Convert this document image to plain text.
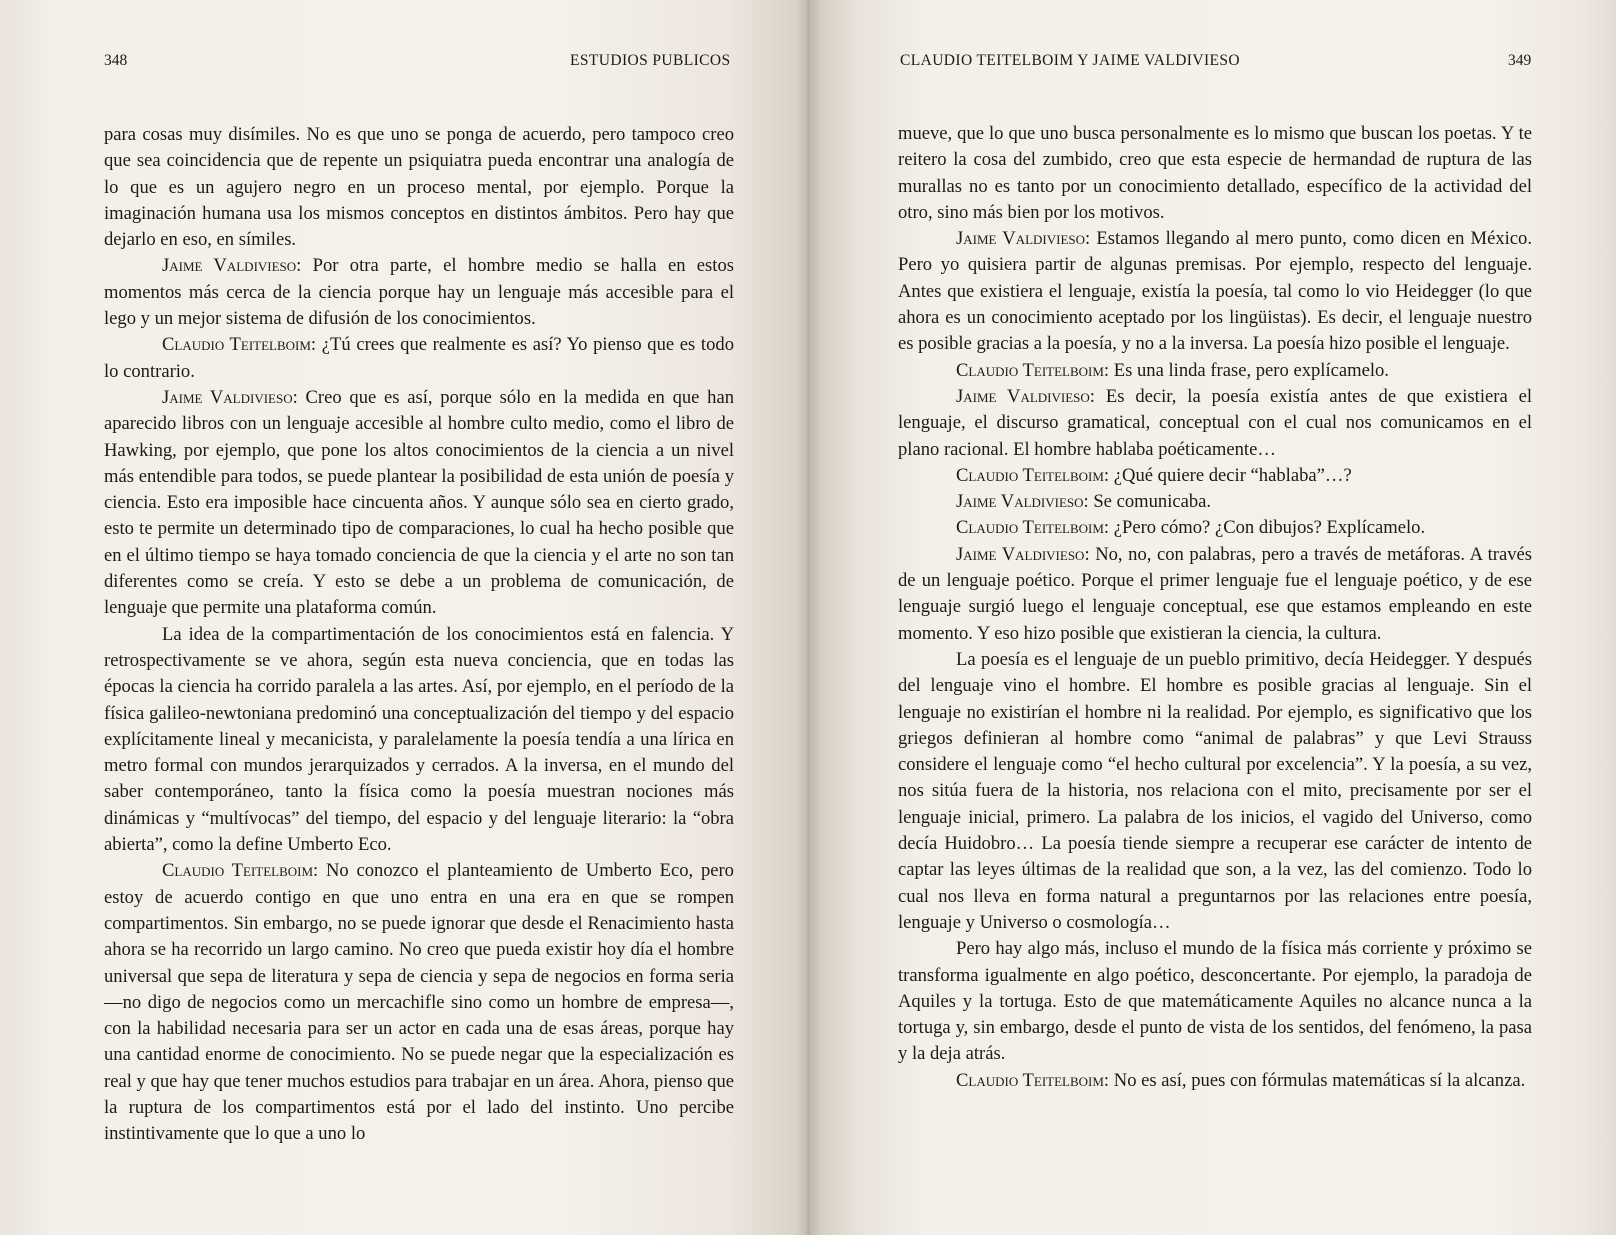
348	ESTUDIOS PUBLICOS

para cosas muy disímiles. No es que uno se ponga de acuerdo, pero tampoco creo que sea coincidencia que de repente un psiquiatra pueda encontrar una analogía de lo que es un agujero negro en un proceso mental, por ejemplo. Porque la imaginación humana usa los mismos conceptos en distintos ámbitos. Pero hay que dejarlo en eso, en símiles.

Jaime Valdivieso: Por otra parte, el hombre medio se halla en estos momentos más cerca de la ciencia porque hay un lenguaje más accesible para el lego y un mejor sistema de difusión de los conocimientos.

Claudio Teitelboim: ¿Tú crees que realmente es así? Yo pienso que es todo lo contrario.

Jaime Valdivieso: Creo que es así, porque sólo en la medida en que han aparecido libros con un lenguaje accesible al hombre culto medio, como el libro de Hawking, por ejemplo, que pone los altos conocimientos de la ciencia a un nivel más entendible para todos, se puede plantear la posibilidad de esta unión de poesía y ciencia. Esto era imposible hace cincuenta años. Y aunque sólo sea en cierto grado, esto te permite un determinado tipo de comparaciones, lo cual ha hecho posible que en el último tiempo se haya tomado conciencia de que la ciencia y el arte no son tan diferentes como se creía. Y esto se debe a un problema de comunicación, de lenguaje que permite una plataforma común.

La idea de la compartimentación de los conocimientos está en falencia. Y retrospectivamente se ve ahora, según esta nueva conciencia, que en todas las épocas la ciencia ha corrido paralela a las artes. Así, por ejemplo, en el período de la física galileo-newtoniana predominó una conceptualización del tiempo y del espacio explícitamente lineal y mecanicista, y paralelamente la poesía tendía a una lírica en metro formal con mundos jerarquizados y cerrados. A la inversa, en el mundo del saber contemporáneo, tanto la física como la poesía muestran nociones más dinámicas y “multívocas” del tiempo, del espacio y del lenguaje literario: la “obra abierta”, como la define Umberto Eco.

Claudio Teitelboim: No conozco el planteamiento de Umberto Eco, pero estoy de acuerdo contigo en que uno entra en una era en que se rompen compartimentos. Sin embargo, no se puede ignorar que desde el Renacimiento hasta ahora se ha recorrido un largo camino. No creo que pueda existir hoy día el hombre universal que sepa de literatura y sepa de ciencia y sepa de negocios en forma seria —no digo de negocios como un mercachifle sino como un hombre de empresa—, con la habilidad necesaria para ser un actor en cada una de esas áreas, porque hay una cantidad enorme de conocimiento. No se puede negar que la especialización es real y que hay que tener muchos estudios para trabajar en un área. Ahora, pienso que la ruptura de los compartimentos está por el lado del instinto. Uno percibe instintivamente que lo que a uno lo

CLAUDIO TEITELBOIM Y JAIME VALDIVIESO	349

mueve, que lo que uno busca personalmente es lo mismo que buscan los poetas. Y te reitero la cosa del zumbido, creo que esta especie de hermandad de ruptura de las murallas no es tanto por un conocimiento detallado, específico de la actividad del otro, sino más bien por los motivos.

Jaime Valdivieso: Estamos llegando al mero punto, como dicen en México. Pero yo quisiera partir de algunas premisas. Por ejemplo, respecto del lenguaje. Antes que existiera el lenguaje, existía la poesía, tal como lo vio Heidegger (lo que ahora es un conocimiento aceptado por los lingüistas). Es decir, el lenguaje nuestro es posible gracias a la poesía, y no a la inversa. La poesía hizo posible el lenguaje.

Claudio Teitelboim: Es una linda frase, pero explícamelo.

Jaime Valdivieso: Es decir, la poesía existía antes de que existiera el lenguaje, el discurso gramatical, conceptual con el cual nos comunicamos en el plano racional. El hombre hablaba poéticamente…

Claudio Teitelboim: ¿Qué quiere decir “hablaba”…?

Jaime Valdivieso: Se comunicaba.

Claudio Teitelboim: ¿Pero cómo? ¿Con dibujos? Explícamelo.

Jaime Valdivieso: No, no, con palabras, pero a través de metáforas. A través de un lenguaje poético. Porque el primer lenguaje fue el lenguaje poético, y de ese lenguaje surgió luego el lenguaje conceptual, ese que estamos empleando en este momento. Y eso hizo posible que existieran la ciencia, la cultura.

La poesía es el lenguaje de un pueblo primitivo, decía Heidegger. Y después del lenguaje vino el hombre. El hombre es posible gracias al lenguaje. Sin el lenguaje no existirían el hombre ni la realidad. Por ejemplo, es significativo que los griegos definieran al hombre como “animal de palabras” y que Levi Strauss considere el lenguaje como “el hecho cultural por excelencia”. Y la poesía, a su vez, nos sitúa fuera de la historia, nos relaciona con el mito, precisamente por ser el lenguaje inicial, primero. La palabra de los inicios, el vagido del Universo, como decía Huidobro… La poesía tiende siempre a recuperar ese carácter de intento de captar las leyes últimas de la realidad que son, a la vez, las del comienzo. Todo lo cual nos lleva en forma natural a preguntarnos por las relaciones entre poesía, lenguaje y Universo o cosmología…

Pero hay algo más, incluso el mundo de la física más corriente y próximo se transforma igualmente en algo poético, desconcertante. Por ejemplo, la paradoja de Aquiles y la tortuga. Esto de que matemáticamente Aquiles no alcance nunca a la tortuga y, sin embargo, desde el punto de vista de los sentidos, del fenómeno, la pasa y la deja atrás.

Claudio Teitelboim: No es así, pues con fórmulas matemáticas sí la alcanza.
